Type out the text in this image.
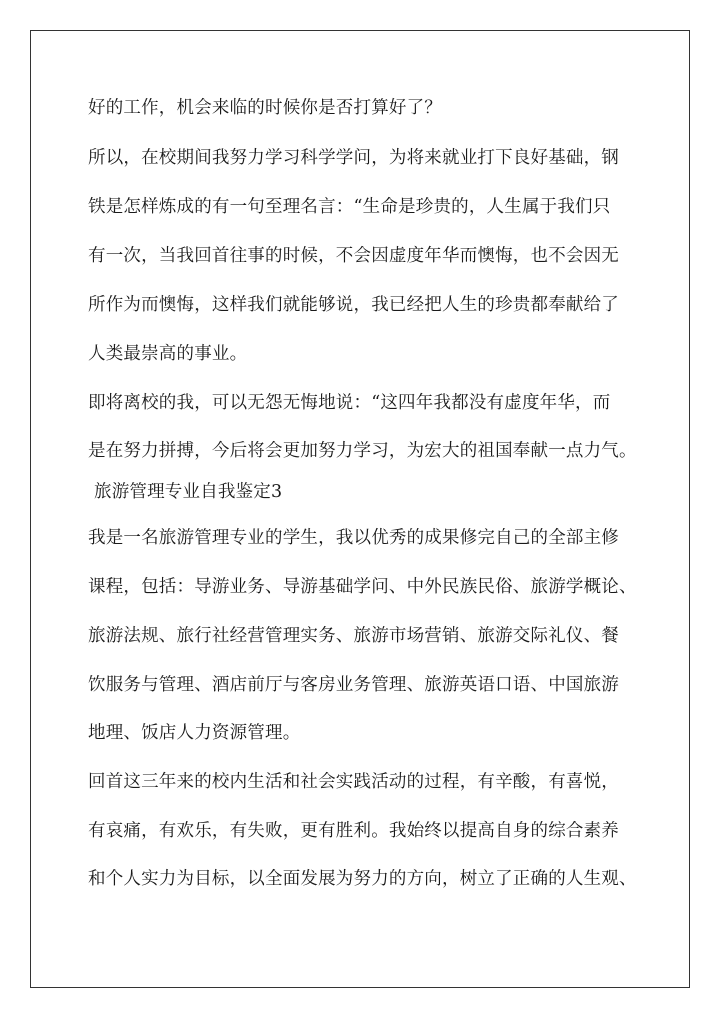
好的工作，机会来临的时候你是否打算好了？
所以，在校期间我努力学习科学学问，为将来就业打下良好基础，钢
铁是怎样炼成的有一句至理名言：“生命是珍贵的，人生属于我们只
有一次，当我回首往事的时候，不会因虚度年华而懊悔，也不会因无
所作为而懊悔，这样我们就能够说，我已经把人生的珍贵都奉献给了
人类最崇高的事业。
即将离校的我，可以无怨无悔地说：“这四年我都没有虚度年华，而
是在努力拼搏，今后将会更加努力学习，为宏大的祖国奉献一点力气。
旅游管理专业自我鉴定3
我是一名旅游管理专业的学生，我以优秀的成果修完自己的全部主修
课程，包括：导游业务、导游基础学问、中外民族民俗、旅游学概论、
旅游法规、旅行社经营管理实务、旅游市场营销、旅游交际礼仪、餐
饮服务与管理、酒店前厅与客房业务管理、旅游英语口语、中国旅游
地理、饭店人力资源管理。
回首这三年来的校内生活和社会实践活动的过程，有辛酸，有喜悦，
有哀痛，有欢乐，有失败，更有胜利。我始终以提高自身的综合素养
和个人实力为目标，以全面发展为努力的方向，树立了正确的人生观、
